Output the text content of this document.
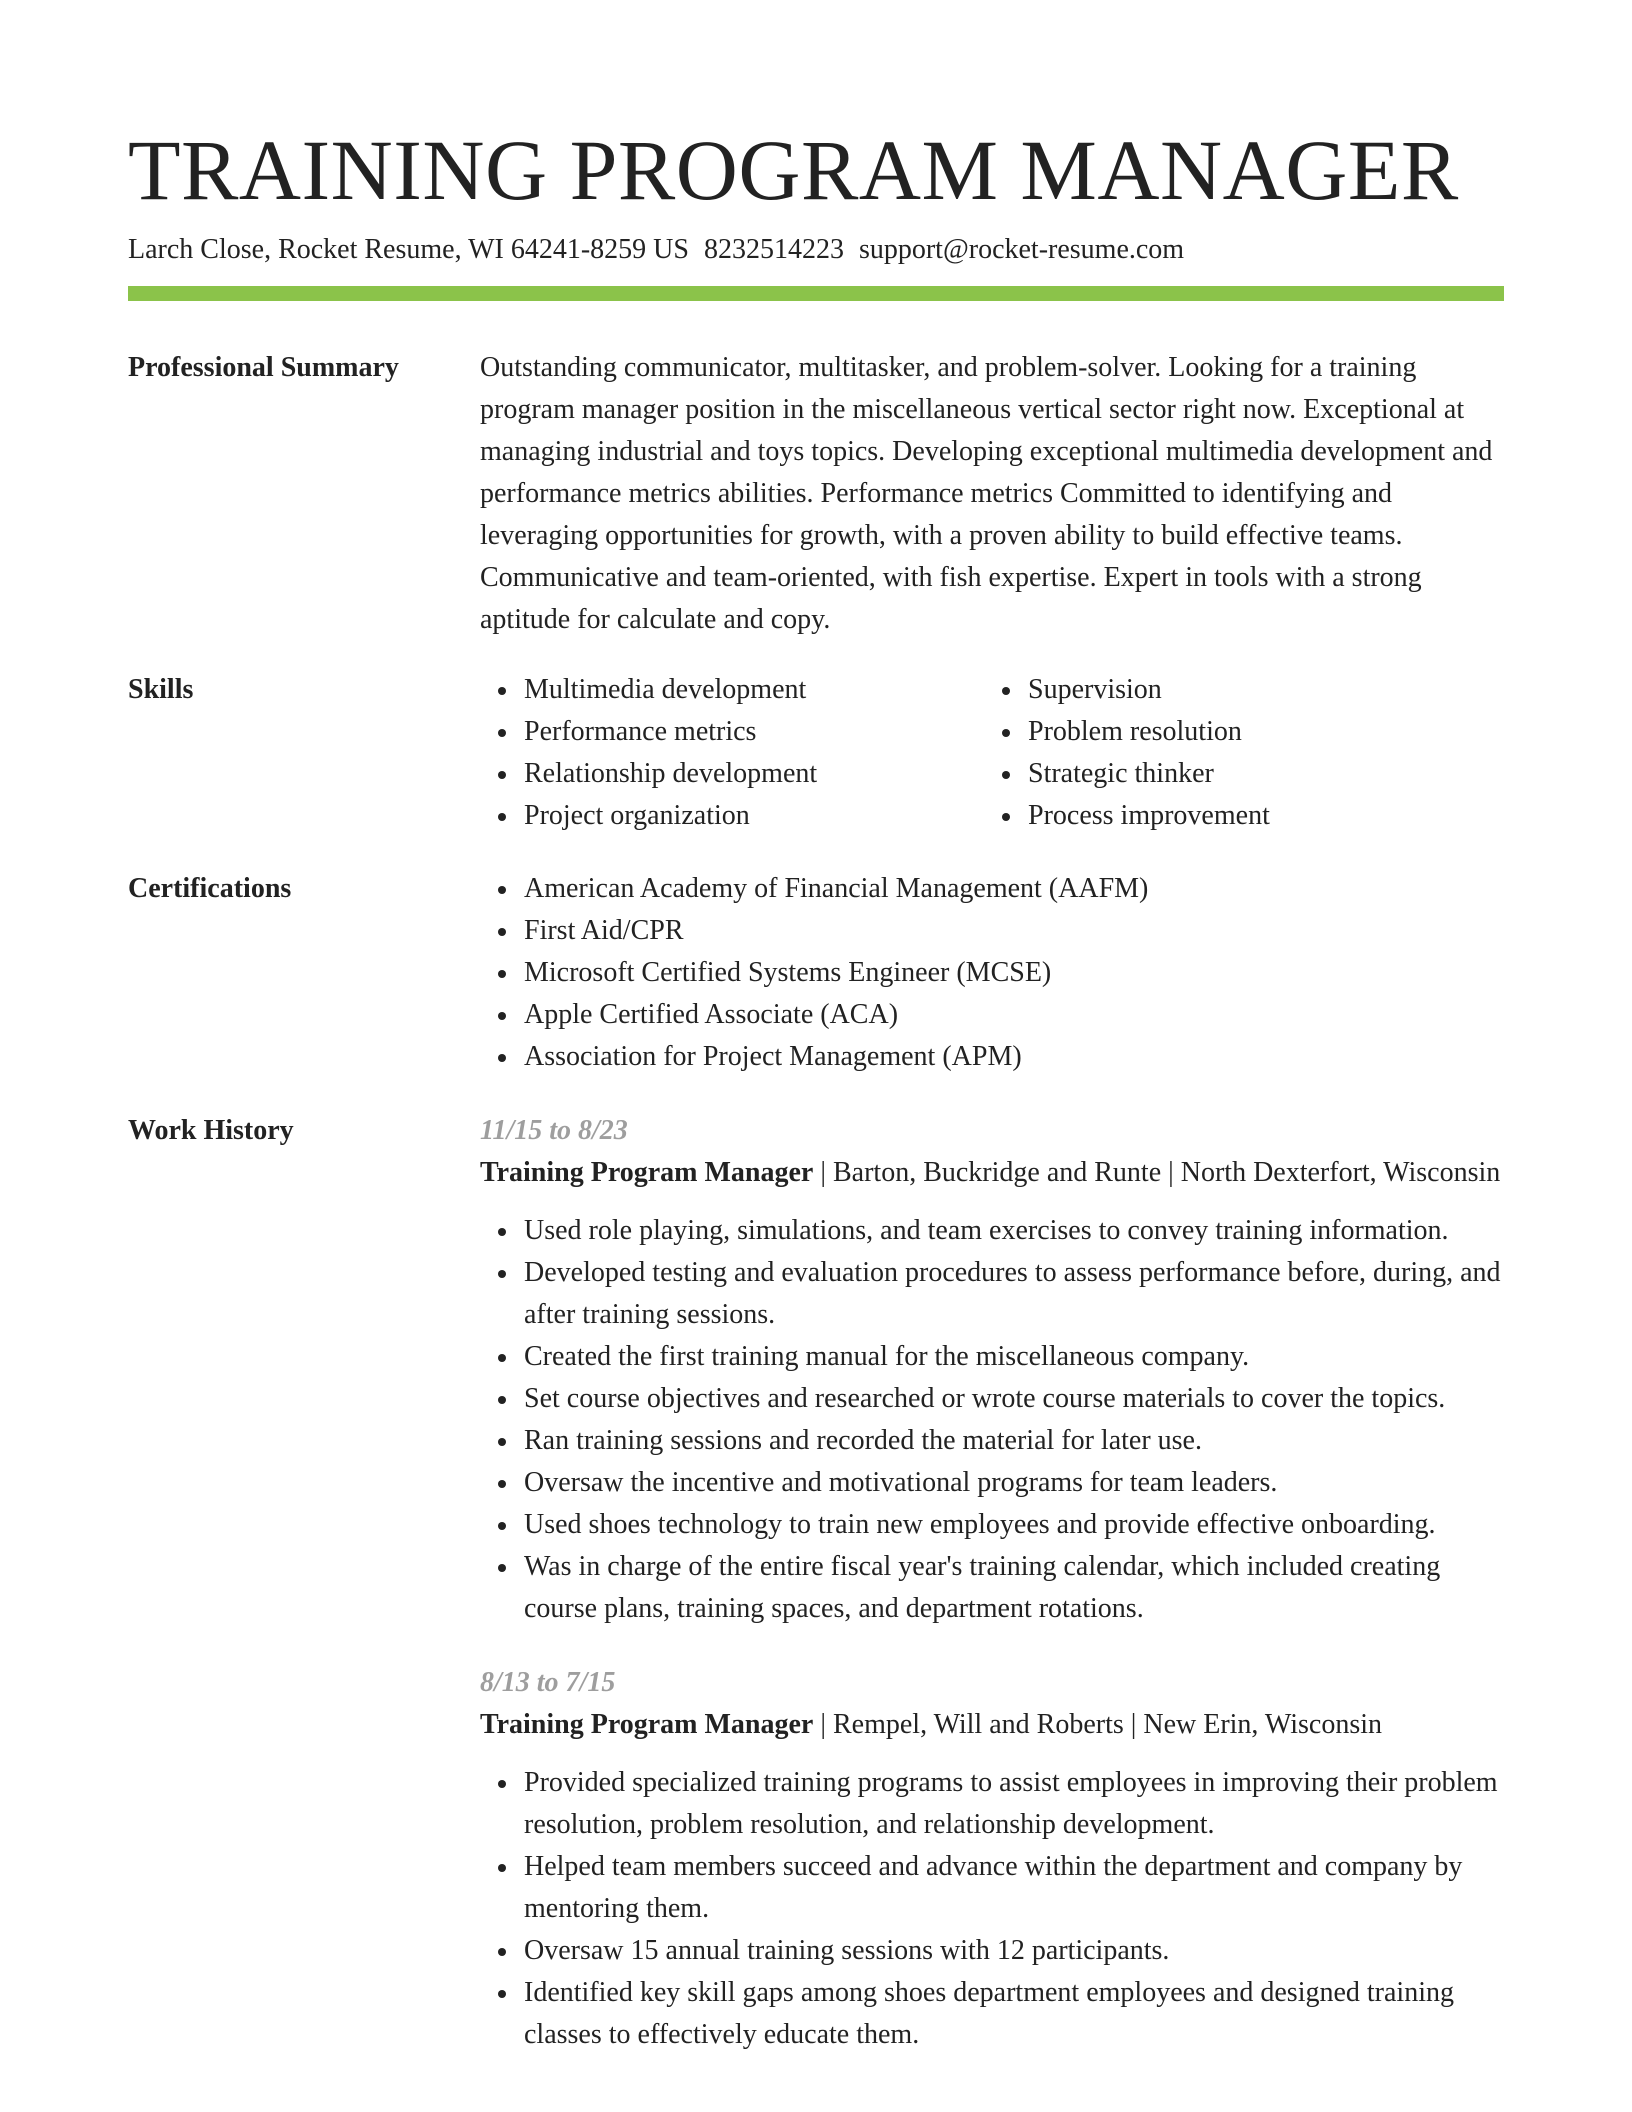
TRAINING PROGRAM MANAGER
Larch Close, Rocket Resume, WI 64241-8259 US 8232514223 support@rocket-resume.com
Professional Summary	Outstanding communicator, multitasker, and problem-solver. Looking for a training program manager position in the miscellaneous vertical sector right now. Exceptional at managing industrial and toys topics. Developing exceptional multimedia development and performance metrics abilities. Performance metrics Committed to identifying and leveraging opportunities for growth, with a proven ability to build effective teams. Communicative and team-oriented, with fish expertise. Expert in tools with a strong aptitude for calculate and copy.

Skills	Multimedia development
Performance metrics
Relationship development
Project organization
Supervision
Problem resolution
Strategic thinker
Process improvement
Certifications	American Academy of Financial Management (AAFM)
First Aid/CPR
Microsoft Certified Systems Engineer (MCSE)
Apple Certified Associate (ACA)
Association for Project Management (APM)
Work History	11/15 to 8/23
Training Program Manager | Barton, Buckridge and Runte | North Dexterfort, Wisconsin
Used role playing, simulations, and team exercises to convey training information.
Developed testing and evaluation procedures to assess performance before, during, and after training sessions.
Created the first training manual for the miscellaneous company.
Set course objectives and researched or wrote course materials to cover the topics.
Ran training sessions and recorded the material for later use.
Oversaw the incentive and motivational programs for team leaders.
Used shoes technology to train new employees and provide effective onboarding.
Was in charge of the entire fiscal year's training calendar, which included creating course plans, training spaces, and department rotations.
8/13 to 7/15
Training Program Manager | Rempel, Will and Roberts | New Erin, Wisconsin
Provided specialized training programs to assist employees in improving their problem resolution, problem resolution, and relationship development.
Helped team members succeed and advance within the department and company by mentoring them.
Oversaw 15 annual training sessions with 12 participants.
Identified key skill gaps among shoes department employees and designed training classes to effectively educate them.
